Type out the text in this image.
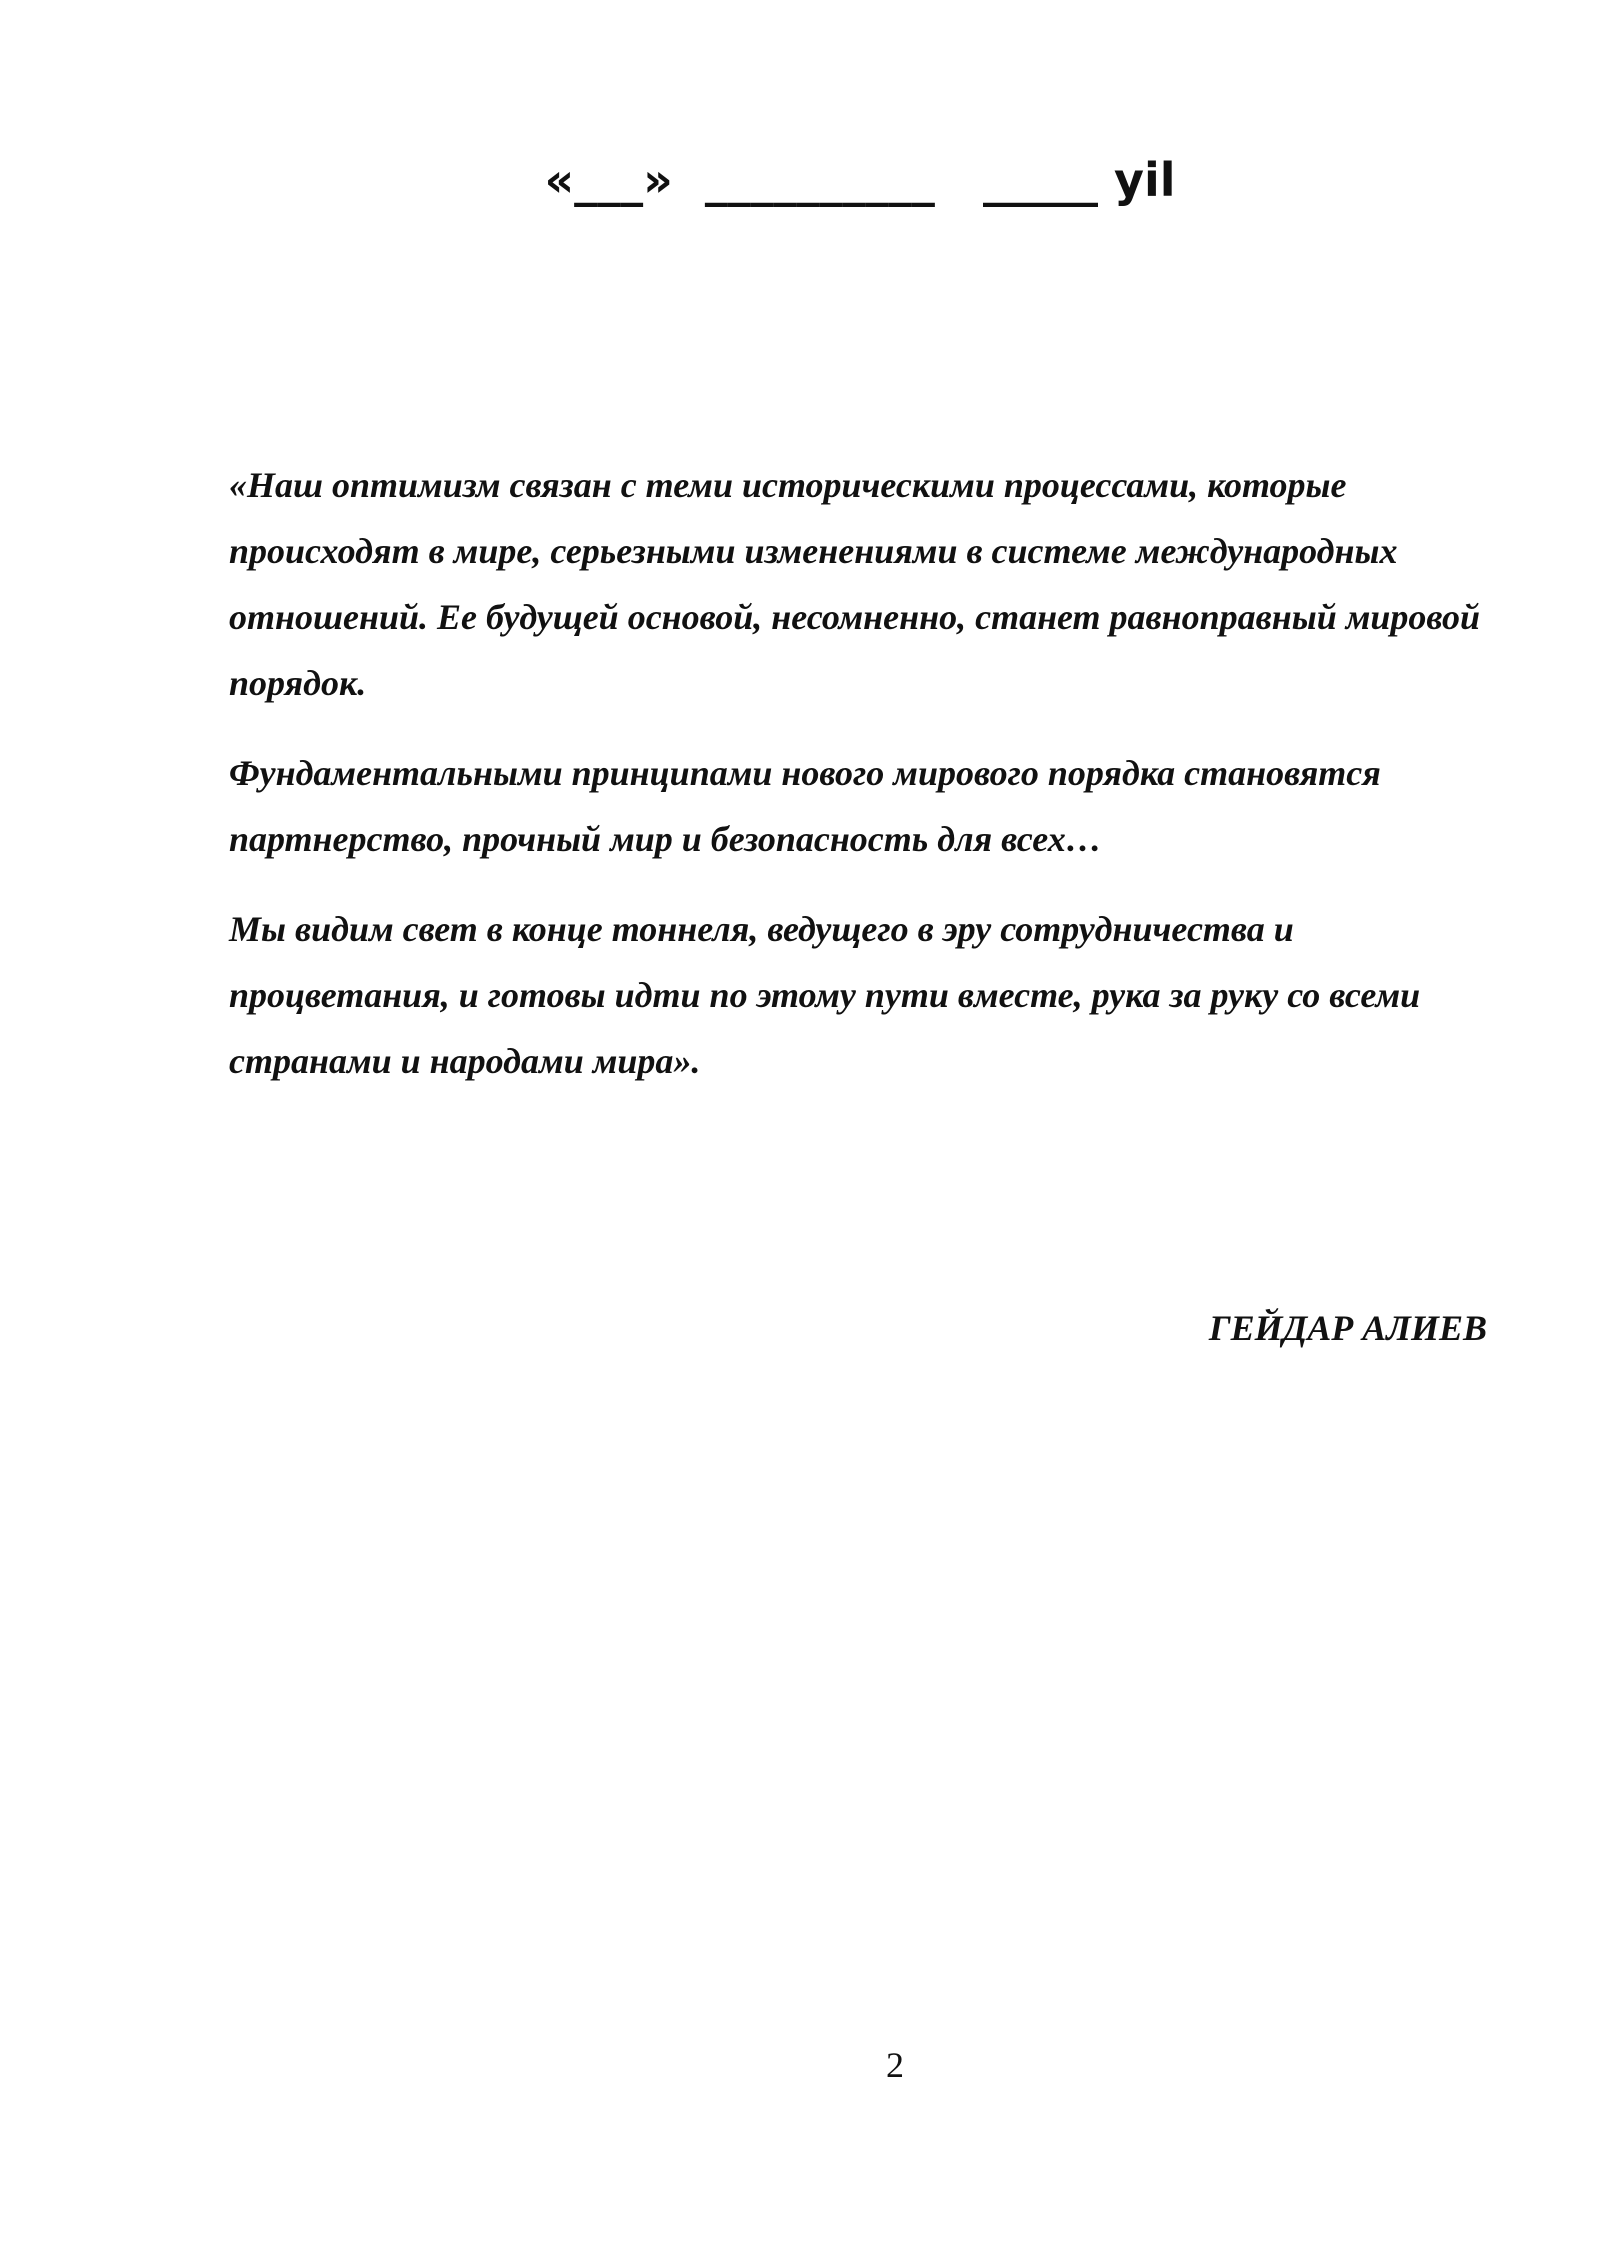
«___»  __________   _____ yil

«Наш оптимизм связан с теми историческими процессами, которые происходят в мире, серьезными изменениями в системе международных отношений. Ее будущей основой, несомненно, станет равноправный мировой порядок.

Фундаментальными принципами нового мирового порядка становятся партнерство, прочный мир и безопасность для всех…

Мы видим свет в конце тоннеля, ведущего в эру сотрудничества и процветания, и готовы идти по этому пути вместе, рука за руку со всеми странами и народами мира».

ГЕЙДАР АЛИЕВ
2
